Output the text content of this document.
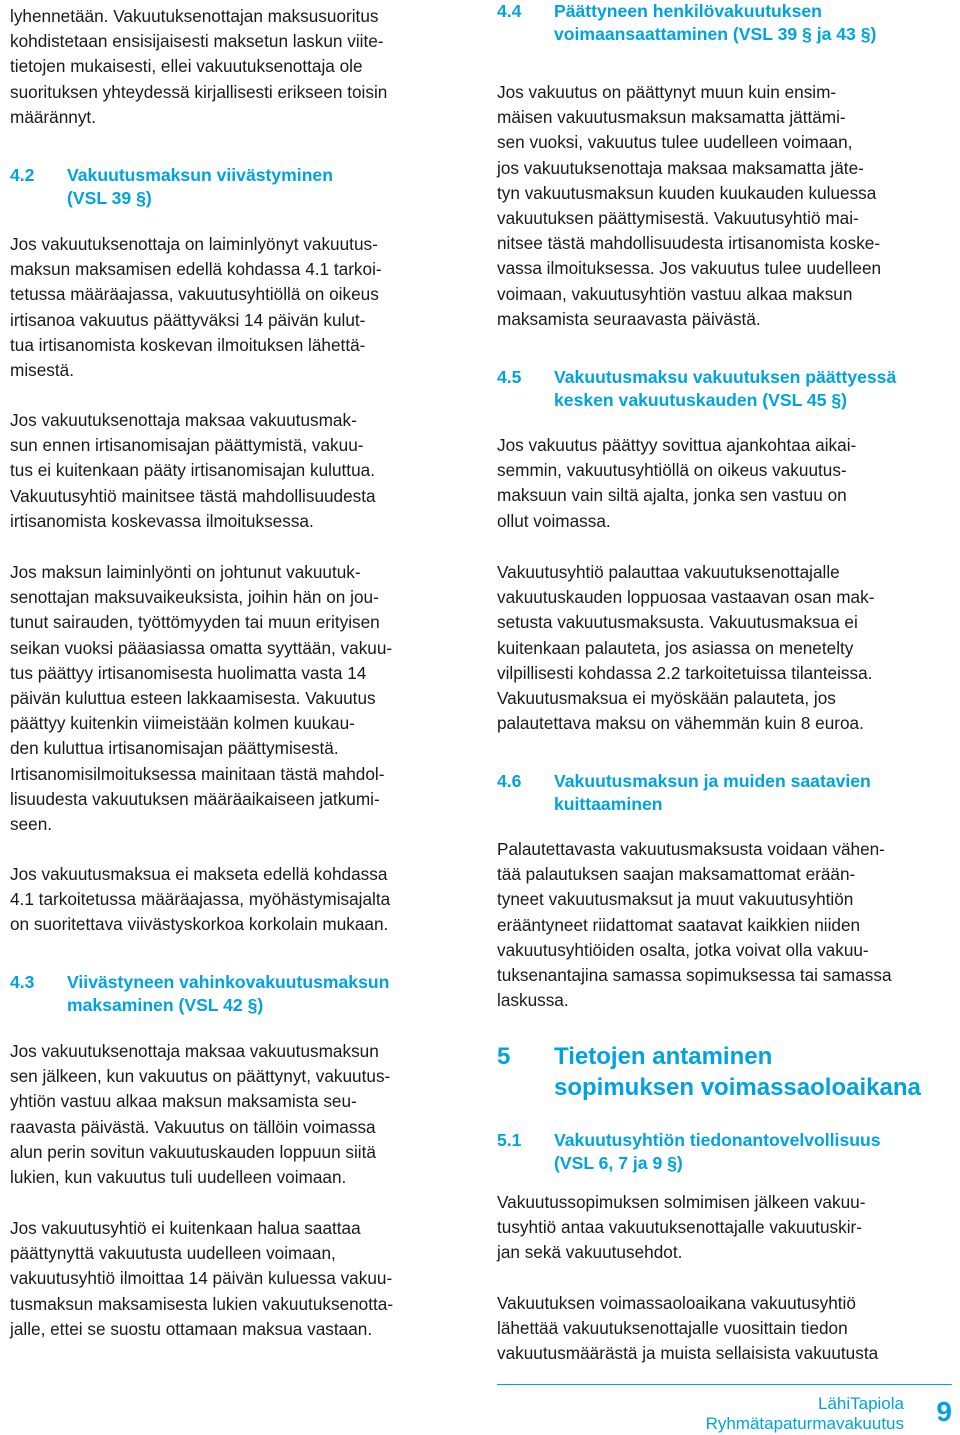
lyhennetään. Vakuutuksenottajan maksusuoritus
kohdistetaan ensisijaisesti maksetun laskun viite-
tietojen mukaisesti, ellei vakuutuksenottaja ole
suorituksen yhteydessä kirjallisesti erikseen toisin
määrännyt.

4.2	Vakuutusmaksun viivästyminen
(VSL 39 §)

Jos vakuutuksenottaja on laiminlyönyt vakuutus-
maksun maksamisen edellä kohdassa 4.1 tarkoi-
tetussa määräajassa, vakuutusyhtiöllä on oikeus
irtisanoa vakuutus päättyväksi 14 päivän kulut-
tua irtisanomista koskevan ilmoituksen lähettä-
misestä.

Jos vakuutuksenottaja maksaa vakuutusmak-
sun ennen irtisanomisajan päättymistä, vakuu-
tus ei kuitenkaan pääty irtisanomisajan kuluttua.
Vakuutusyhtiö mainitsee tästä mahdollisuudesta
irtisanomista koskevassa ilmoituksessa.

Jos maksun laiminlyönti on johtunut vakuutuk-
senottajan maksuvaikeuksista, joihin hän on jou-
tunut sairauden, työttömyyden tai muun erityisen
seikan vuoksi pääasiassa omatta syyttään, vakuu-
tus päättyy irtisanomisesta huolimatta vasta 14
päivän kuluttua esteen lakkaamisesta. Vakuutus
päättyy kuitenkin viimeistään kolmen kuukau-
den kuluttua irtisanomisajan päättymisestä.
Irtisanomisilmoituksessa mainitaan tästä mahdol-
lisuudesta vakuutuksen määräaikaiseen jatkumi-
seen.

Jos vakuutusmaksua ei makseta edellä kohdassa
4.1 tarkoitetussa määräajassa, myöhästymisajalta
on suoritettava viivästyskorkoa korkolain mukaan.

4.3	Viivästyneen vahinkovakuutusmaksun
maksaminen (VSL 42 §)

Jos vakuutuksenottaja maksaa vakuutusmaksun
sen jälkeen, kun vakuutus on päättynyt, vakuutus-
yhtiön vastuu alkaa maksun maksamista seu-
raavasta päivästä. Vakuutus on tällöin voimassa
alun perin sovitun vakuutuskauden loppuun siitä
lukien, kun vakuutus tuli uudelleen voimaan.

Jos vakuutusyhtiö ei kuitenkaan halua saattaa
päättynyttä vakuutusta uudelleen voimaan,
vakuutusyhtiö ilmoittaa 14 päivän kuluessa vakuu-
tusmaksun maksamisesta lukien vakuutuksenotta-
jalle, ettei se suostu ottamaan maksua vastaan.

4.4	Päättyneen henkilövakuutuksen
voimaansaattaminen (VSL 39 § ja 43 §)

Jos vakuutus on päättynyt muun kuin ensim-
mäisen vakuutusmaksun maksamatta jättämi-
sen vuoksi, vakuutus tulee uudelleen voimaan,
jos vakuutuksenottaja maksaa maksamatta jäte-
tyn vakuutusmaksun kuuden kuukauden kuluessa
vakuutuksen päättymisestä. Vakuutusyhtiö mai-
nitsee tästä mahdollisuudesta irtisanomista koske-
vassa ilmoituksessa. Jos vakuutus tulee uudelleen
voimaan, vakuutusyhtiön vastuu alkaa maksun
maksamista seuraavasta päivästä.

4.5	Vakuutusmaksu vakuutuksen päättyessä
kesken vakuutuskauden (VSL 45 §)

Jos vakuutus päättyy sovittua ajankohtaa aikai-
semmin, vakuutusyhtiöllä on oikeus vakuutus-
maksuun vain siltä ajalta, jonka sen vastuu on
ollut voimassa.

Vakuutusyhtiö palauttaa vakuutuksenottajalle
vakuutuskauden loppuosaa vastaavan osan mak-
setusta vakuutusmaksusta. Vakuutusmaksua ei
kuitenkaan palauteta, jos asiassa on menetelty
vilpillisesti kohdassa 2.2 tarkoitetuissa tilanteissa.
Vakuutusmaksua ei myöskään palauteta, jos
palautettava maksu on vähemmän kuin 8 euroa.

4.6	Vakuutusmaksun ja muiden saatavien
kuittaaminen

Palautettavasta vakuutusmaksusta voidaan vähen-
tää palautuksen saajan maksamattomat erään-
tyneet vakuutusmaksut ja muut vakuutusyhtiön
erääntyneet riidattomat saatavat kaikkien niiden
vakuutusyhtiöiden osalta, jotka voivat olla vakuu-
tuksenantajina samassa sopimuksessa tai samassa
laskussa.

5	Tietojen antaminen
sopimuksen voimassaoloaikana
5.1	Vakuutusyhtiön tiedonantovelvollisuus
(VSL 6, 7 ja 9 §)

Vakuutussopimuksen solmimisen jälkeen vakuu-
tusyhtiö antaa vakuutuksenottajalle vakuutuskir-
jan sekä vakuutusehdot.

Vakuutuksen voimassaoloaikana vakuutusyhtiö
lähettää vakuutuksenottajalle vuosittain tiedon
vakuutusmäärästä ja muista sellaisista vakuutusta

LähiTapiola
Ryhmätapaturmavakuutus 9
